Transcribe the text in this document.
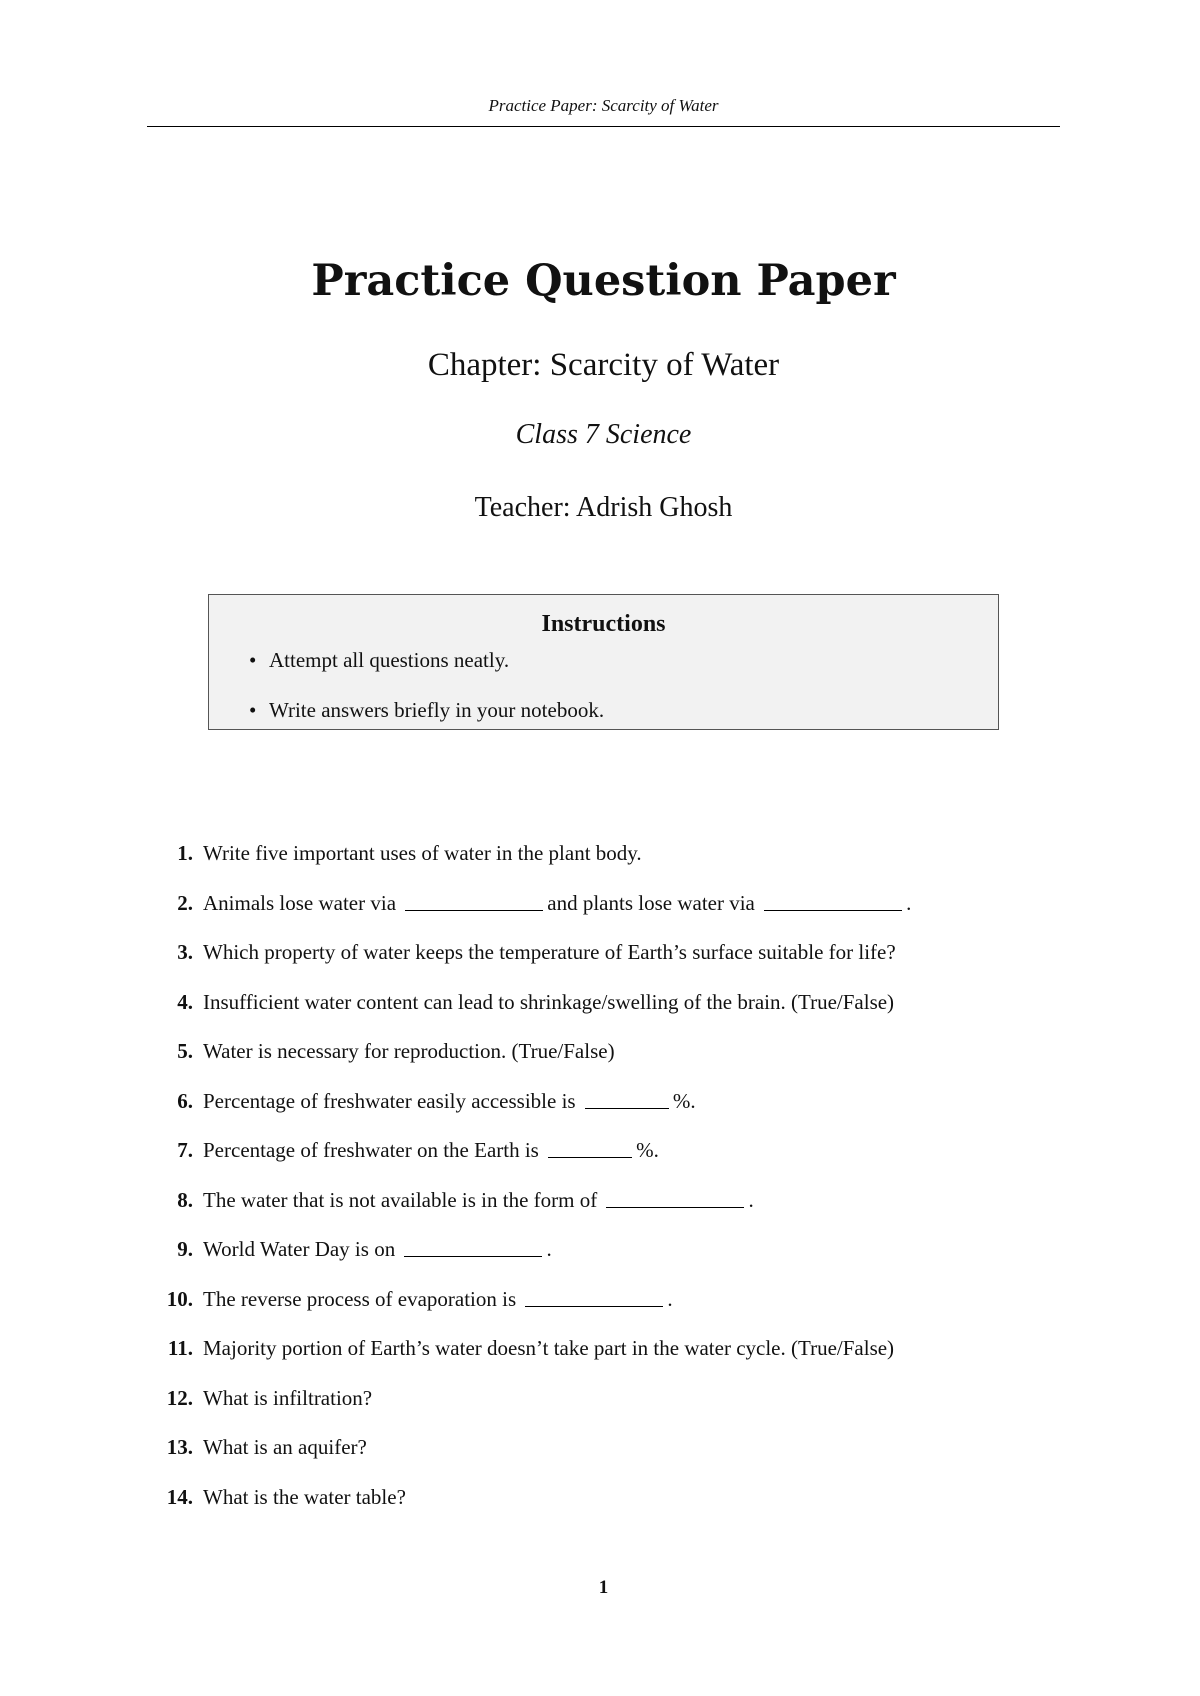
Practice Paper: Scarcity of Water
Practice Question Paper
Chapter: Scarcity of Water
Class 7 Science
Teacher: Adrish Ghosh
Instructions
• Attempt all questions neatly.
• Write answers briefly in your notebook.
1. Write five important uses of water in the plant body.
2. Animals lose water via	and plants lose water via	.
3. Which property of water keeps the temperature of Earth’s surface suitable for life?
4. Insufficient water content can lead to shrinkage/swelling of the brain. (True/False)
5. Water is necessary for reproduction. (True/False)
6. Percentage of freshwater easily accessible is	%.
7. Percentage of freshwater on the Earth is	%.
8. The water that is not available is in the form of	.
9. World Water Day is on	.
10. The reverse process of evaporation is	.
11. Majority portion of Earth’s water doesn’t take part in the water cycle. (True/False)
12. What is infiltration?
13. What is an aquifer?
14. What is the water table?
1
